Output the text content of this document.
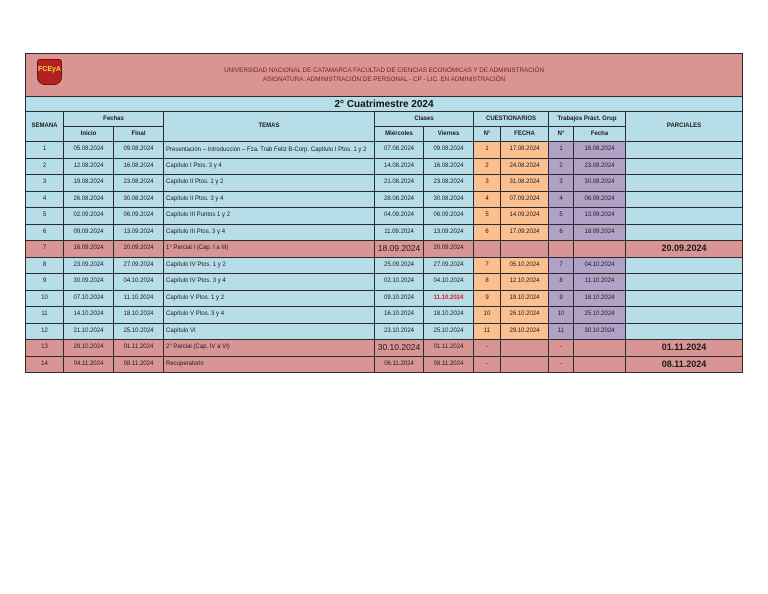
FCEyA UNIVERSIDAD NACIONAL DE CATAMARCA FACULTAD DE CIENCIAS ECONÓMICAS Y DE ADMINISTRACIÓN
ASIGNATURA: ADMINISTRACIÓN DE PERSONAL - CP - LIC. EN ADMINISTRACIÓN										

2° Cuatrimestre 2024										
SEMANA	Fechas		TEMAS	Clases		CUESTIONARIOS		Trabajos Práct. Grup		PARCIALES
	Inicio	Final		Miércoles	Viernes	N°	FECHA	N°	Fecha	
1	05.08.2024	09.08.2024	Presentación – Introducción – Fza. Trab Feliz B-Corp. Capítulo I Ptos. 1 y 2	07.08.2024	09.08.2024	1	17.08.2024	1	16.08.2024	
2	12.08.2024	16.08.2024	Capítulo I Ptos. 3 y 4	14.08.2024	16.08.2024	2	24.08.2024	2	23.08.2024	
3	19.08.2024	23.08.2024	Capítulo II Ptos. 1 y 2	21.08.2024	23.08.2024	3	31.08.2024	3	30.08.2024	
4	26.08.2024	30.08.2024	Capítulo II Ptos. 3 y 4	28.08.2024	30.08.2024	4	07.09.2024	4	06.09.2024	
5	02.09.2024	06.09.2024	Capítulo III Puntos 1 y 2	04.09.2024	06.09.2024	5	14.09.2024	5	13.09.2024	
6	09.09.2024	13.09.2024	Capítulo III Ptos. 3 y 4	11.09.2024	13.09.2024	6	17.09.2024	6	18.09.2024	
7	16.09.2024	20.09.2024	1° Parcial I (Cap. I a III)	18.09.2024	20.09.2024					20.09.2024
8	23.09.2024	27.09.2024	Capítulo IV Ptos. 1 y 2	25.09.2024	27.09.2024	7	05.10.2024	7	04.10.2024	
9	30.09.2024	04.10.2024	Capítulo IV Ptos. 3 y 4	02.10.2024	04.10.2024	8	12.10.2024	8	11.10.2024	
10	07.10.2024	11.10.2024	Capítulo V Ptos. 1 y 2	09.10.2024	11.10.2024	9	19.10.2024	9	18.10.2024	
11	14.10.2024	18.10.2024	Capítulo V Ptos. 3 y 4	16.10.2024	18.10.2024	10	26.10.2024	10	25.10.2024	
12	21.10.2024	25.10.2024	Capítulo VI	23.10.2024	25.10.2024	11	29.10.2024	11	30.10.2024	
13	28.10.2024	01.11.2024	2° Parcial (Cap. IV a VI)	30.10.2024	01.11.2024	-		-		01.11.2024
14	04.11.2024	08.11.2024	Recuperatorio	06.11.2024	08.11.2024	-		-		08.11.2024
